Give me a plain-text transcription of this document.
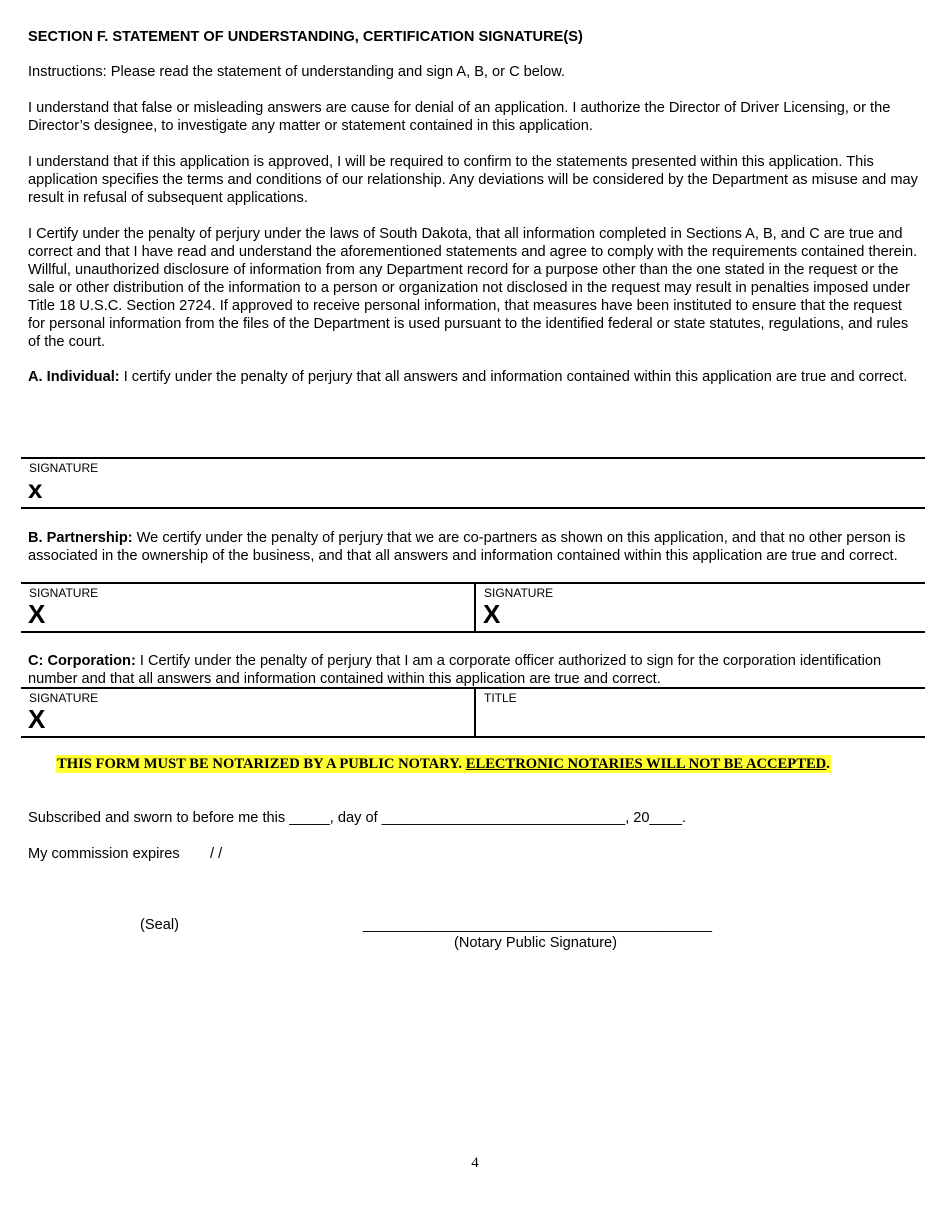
SECTION F. STATEMENT OF UNDERSTANDING, CERTIFICATION SIGNATURE(S)

Instructions: Please read the statement of understanding and sign A, B, or C below.

I understand that false or misleading answers are cause for denial of an application. I authorize the Director of Driver Licensing, or the Director’s designee, to investigate any matter or statement contained in this application.

I understand that if this application is approved, I will be required to confirm to the statements presented within this application. This application specifies the terms and conditions of our relationship. Any deviations will be considered by the Department as misuse and may result in refusal of subsequent applications.

I Certify under the penalty of perjury under the laws of South Dakota, that all information completed in Sections A, B, and C are true and correct and that I have read and understand the aforementioned statements and agree to comply with the requirements contained therein. Willful, unauthorized disclosure of information from any Department record for a purpose other than the one stated in the request or the sale or other distribution of the information to a person or organization not disclosed in the request may result in penalties imposed under Title 18 U.S.C. Section 2724. If approved to receive personal information, that measures have been instituted to ensure that the request for personal information from the files of the Department is used pursuant to the identified federal or state statutes, regulations, and rules of the court.

A. Individual: I certify under the penalty of perjury that all answers and information contained within this application are true and correct.

SIGNATURE
x

B. Partnership: We certify under the penalty of perjury that we are co-partners as shown on this application, and that no other person is associated in the ownership of the business, and that all answers and information contained within this application are true and correct.

SIGNATURE
X
SIGNATURE
X

C: Corporation: I Certify under the penalty of perjury that I am a corporate officer authorized to sign for the corporation identification number and that all answers and information contained within this application are true and correct.

SIGNATURE
X
TITLE
THIS FORM MUST BE NOTARIZED BY A PUBLIC NOTARY. ELECTRONIC NOTARIES WILL NOT BE ACCEPTED.
Subscribed and sworn to before me this _____, day of ______________________________, 20____.
My commission expires / /
(Seal)	___________________________________________
(Notary Public Signature)
4
